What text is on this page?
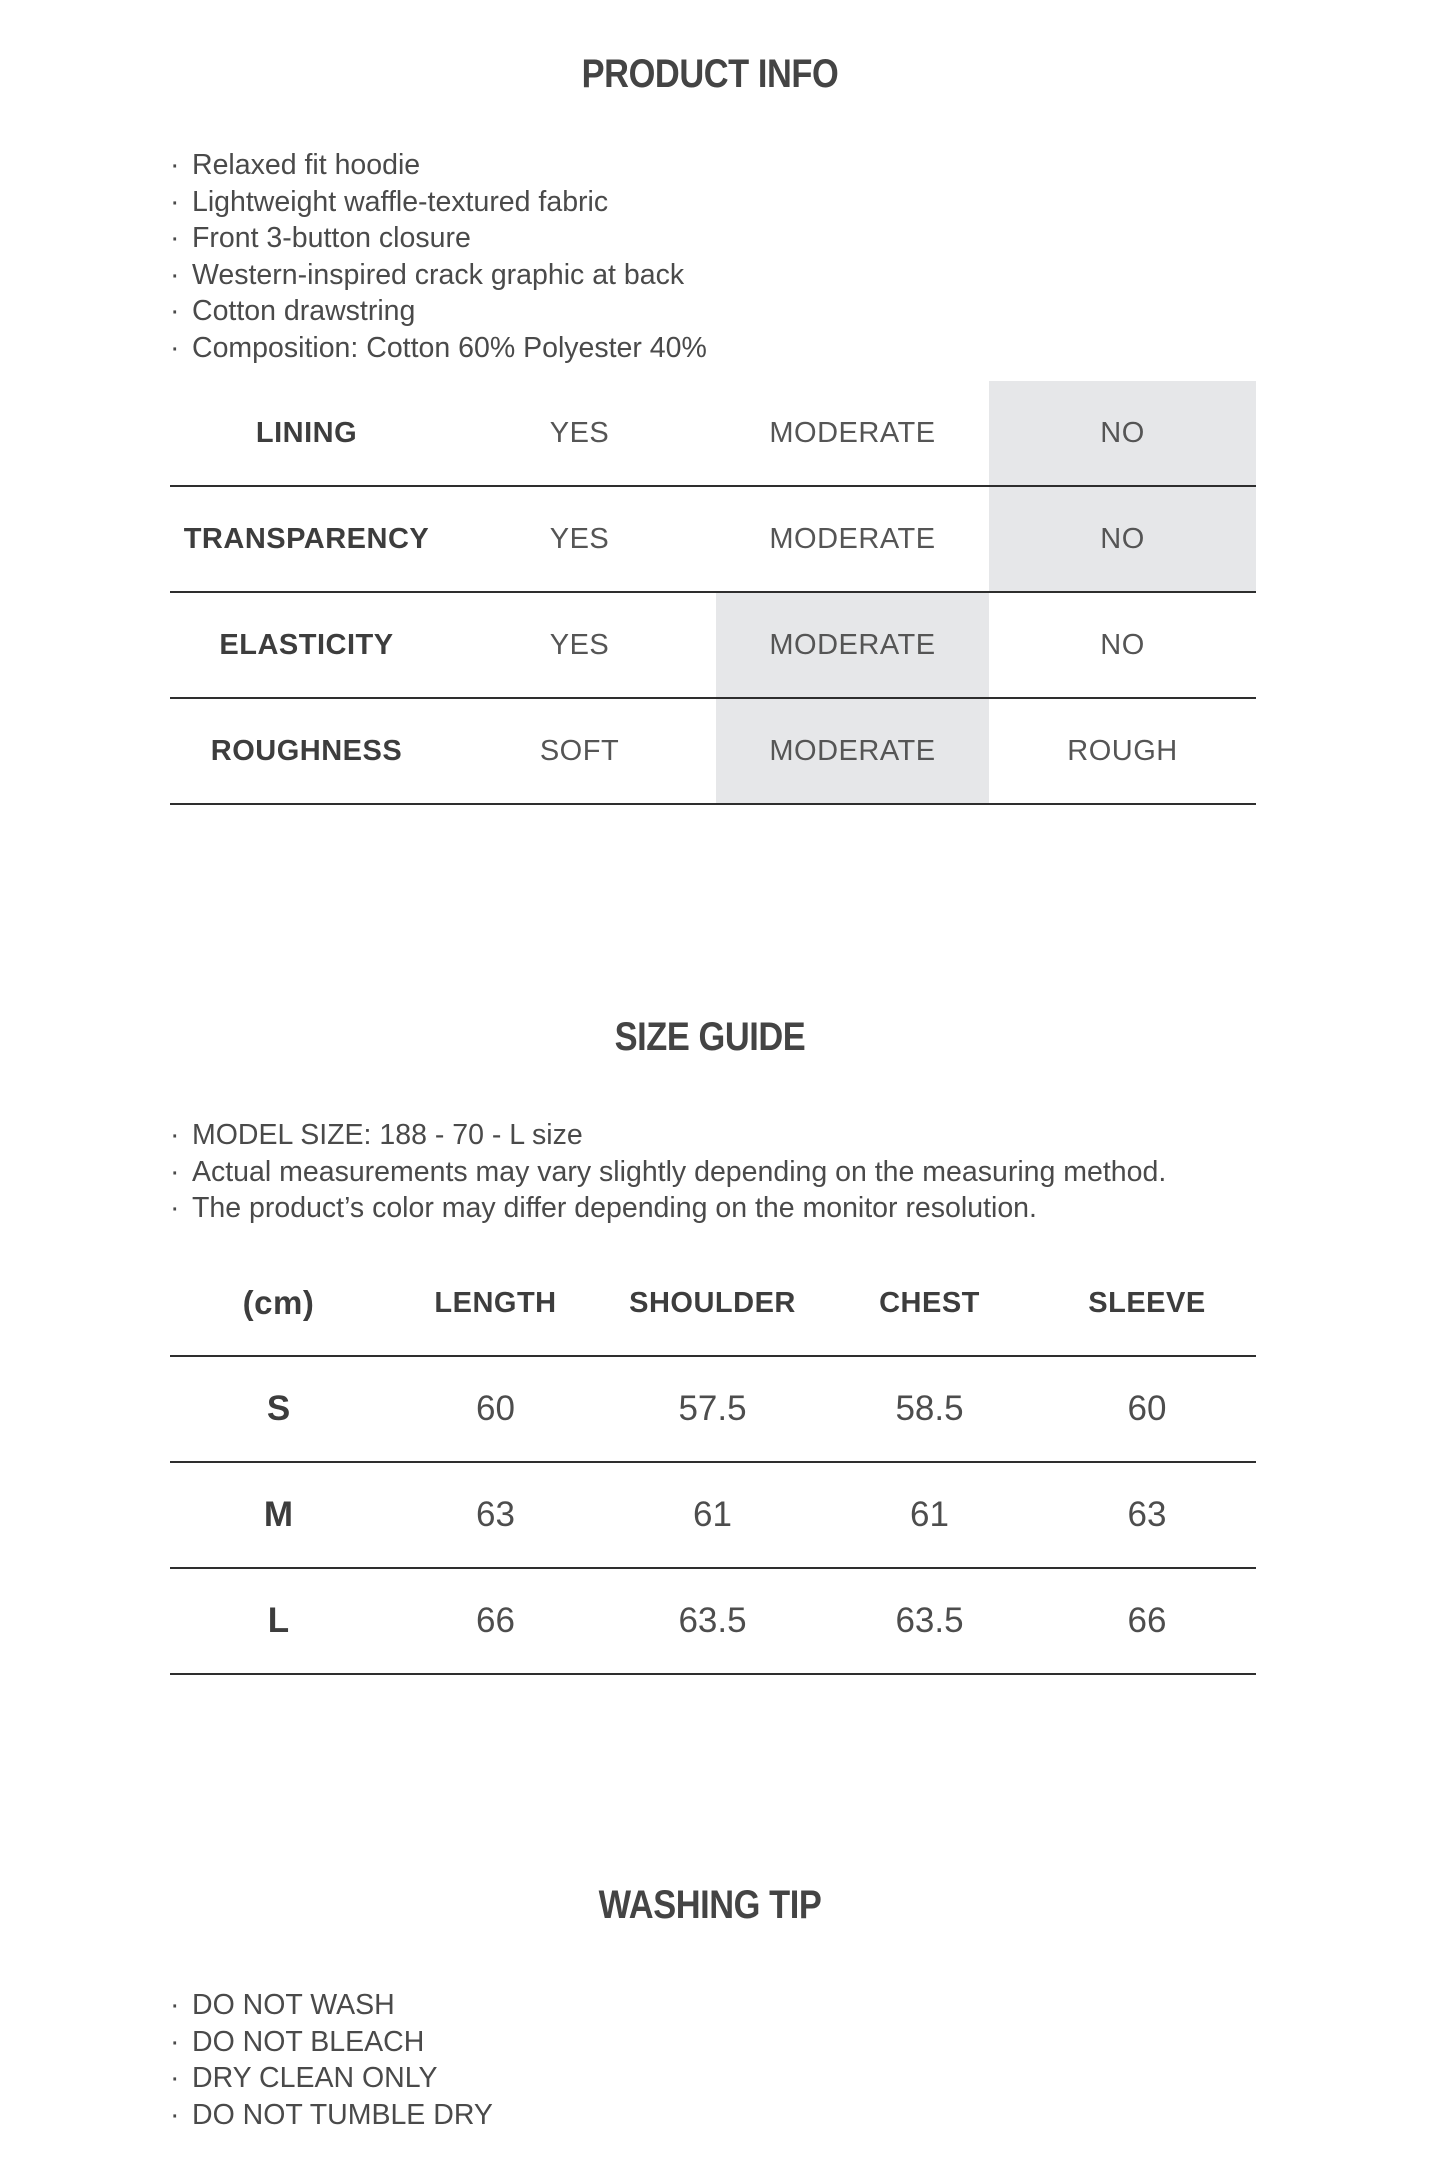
PRODUCT INFO
· Relaxed fit hoodie
· Lightweight waffle-textured fabric
· Front 3-button closure
· Western-inspired crack graphic at back
· Cotton drawstring
· Composition: Cotton 60% Polyester 40%
LINING	YES	MODERATE	NO
TRANSPARENCY	YES	MODERATE	NO
ELASTICITY	YES	MODERATE	NO
ROUGHNESS	SOFT	MODERATE	ROUGH
SIZE GUIDE
· MODEL SIZE: 188 - 70 - L size
· Actual measurements may vary slightly depending on the measuring method.
· The product’s color may differ depending on the monitor resolution.
(cm)	LENGTH	SHOULDER	CHEST	SLEEVE
S	60	57.5	58.5	60
M	63	61	61	63
L	66	63.5	63.5	66
WASHING TIP
· DO NOT WASH
· DO NOT BLEACH
· DRY CLEAN ONLY
· DO NOT TUMBLE DRY
